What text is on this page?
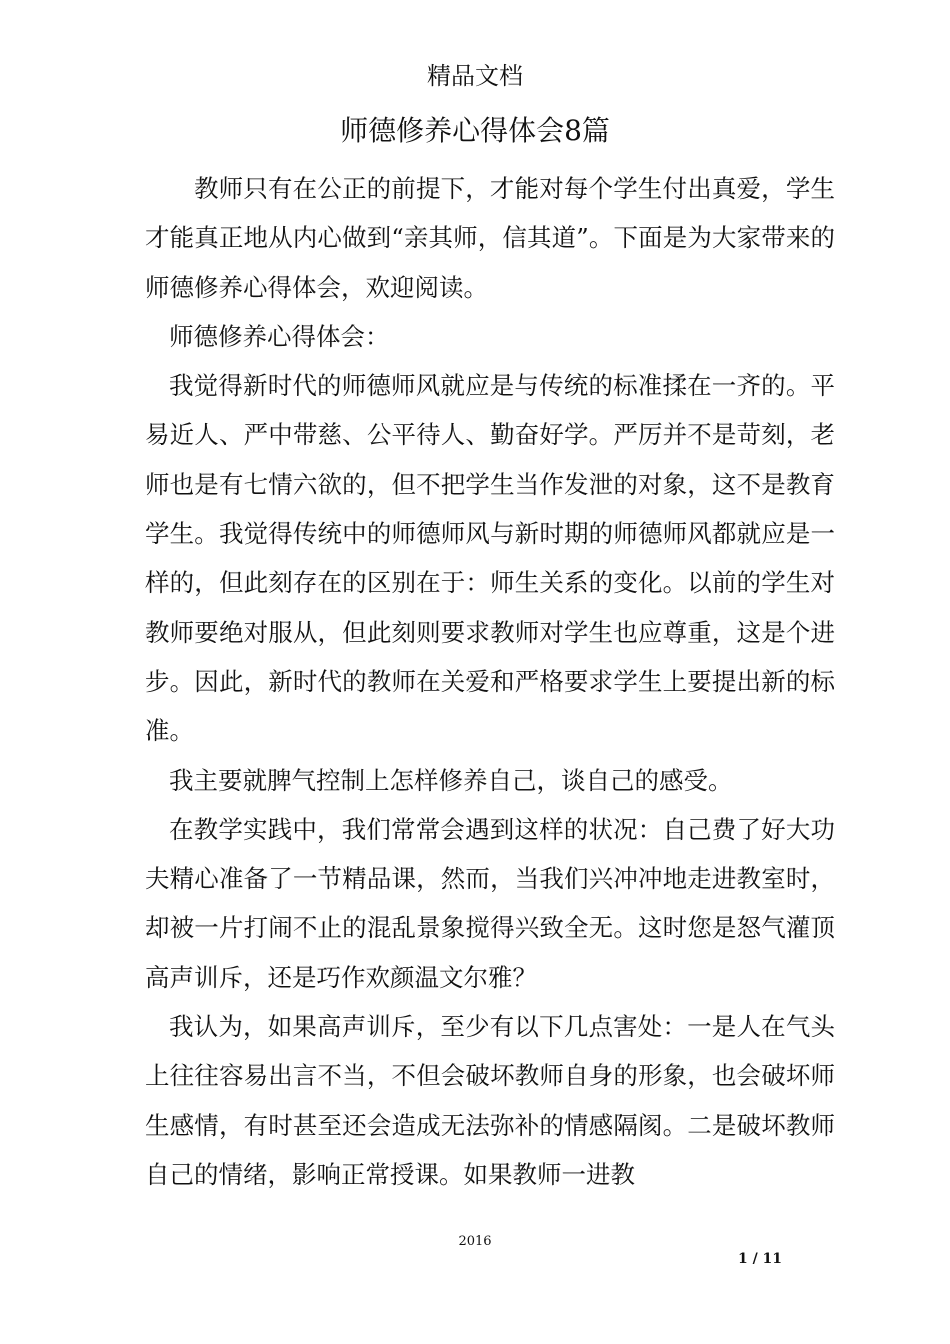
精品文档
师德修养心得体会8篇

教师只有在公正的前提下，才能对每个学生付出真爱，学生才能真正地从内心做到“亲其师，信其道”。下面是为大家带来的师德修养心得体会，欢迎阅读。

师德修养心得体会：

我觉得新时代的师德师风就应是与传统的标准揉在一齐的。平易近人、严中带慈、公平待人、勤奋好学。严厉并不是苛刻，老师也是有七情六欲的，但不把学生当作发泄的对象，这不是教育学生。我觉得传统中的师德师风与新时期的师德师风都就应是一样的，但此刻存在的区别在于：师生关系的变化。以前的学生对教师要绝对服从，但此刻则要求教师对学生也应尊重，这是个进步。因此，新时代的教师在关爱和严格要求学生上要提出新的标准。

我主要就脾气控制上怎样修养自己，谈自己的感受。

在教学实践中，我们常常会遇到这样的状况：自己费了好大功夫精心准备了一节精品课，然而，当我们兴冲冲地走进教室时，却被一片打闹不止的混乱景象搅得兴致全无。这时您是怒气灌顶高声训斥，还是巧作欢颜温文尔雅？

我认为，如果高声训斥，至少有以下几点害处：一是人在气头上往往容易出言不当，不但会破坏教师自身的形象，也会破坏师生感情，有时甚至还会造成无法弥补的情感隔阂。二是破坏教师自己的情绪，影响正常授课。如果教师一进教

2016
1 / 11
